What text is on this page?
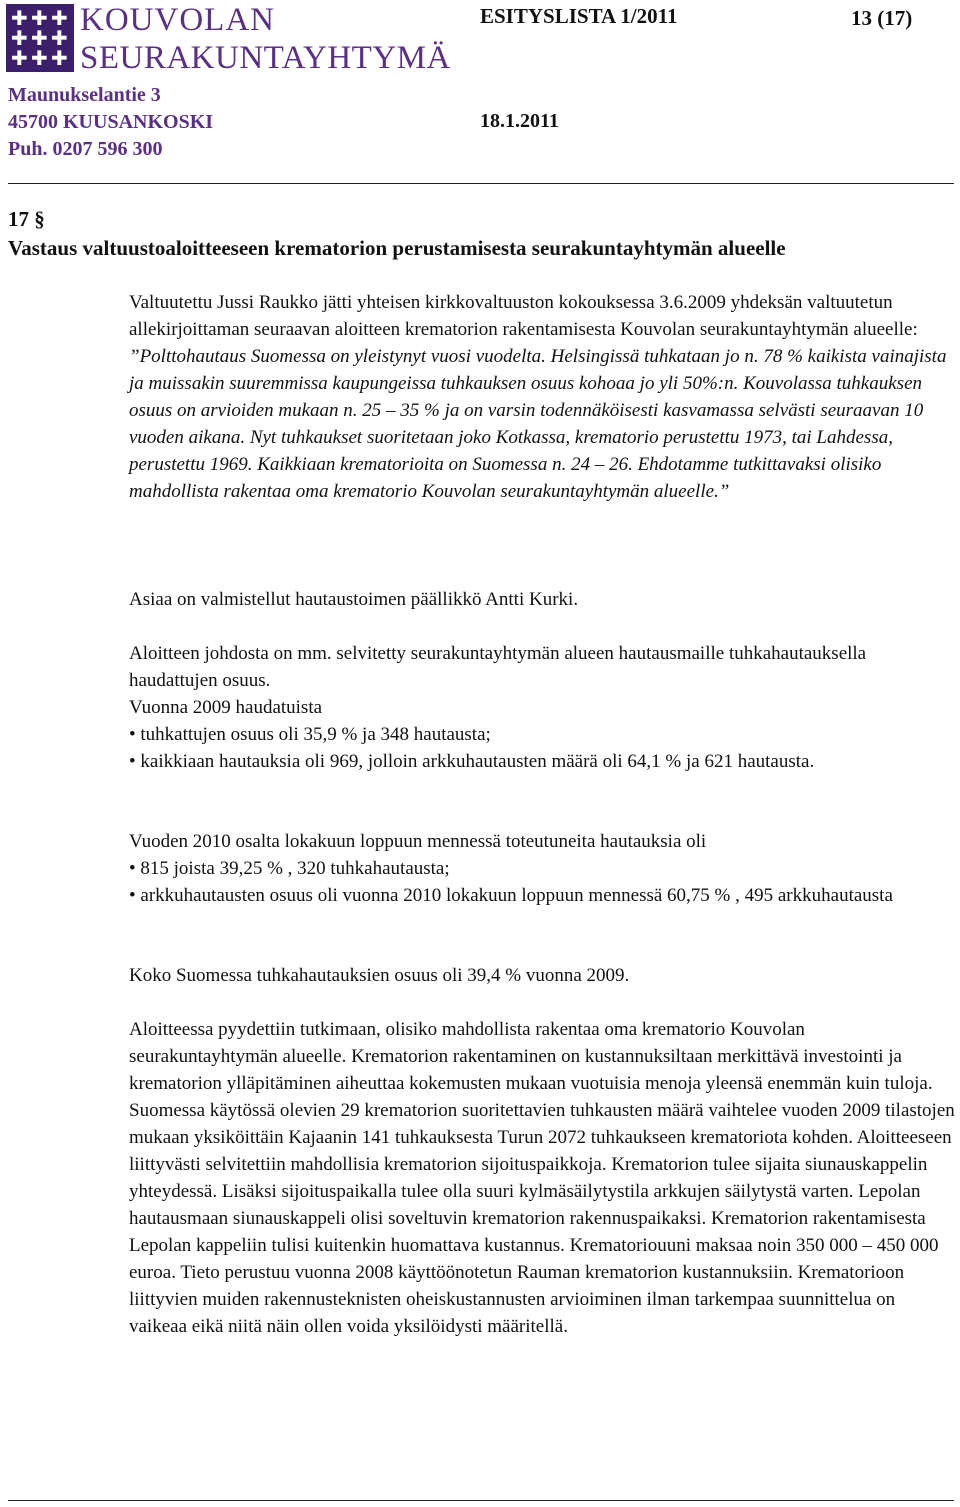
✚ ✚ ✚
✚ ✚ ✚
✚ ✚ ✚
KOUVOLAN
SEURAKUNTAYHTYMÄ
ESITYSLISTA 1/2011	13 (17)
Maunukselantie 3
45700 KUUSANKOSKI
Puh. 0207 596 300
18.1.2011
17 §
Vastaus valtuustoaloitteeseen krematorion perustamisesta seurakuntayhtymän alueelle

Valtuutettu Jussi Raukko jätti yhteisen kirkkovaltuuston kokouksessa 3.6.2009 yhdeksän valtuutetun allekirjoittaman seuraavan aloitteen krematorion rakentamisesta Kouvolan seurakuntayhtymän alueelle:

”Polttohautaus Suomessa on yleistynyt vuosi vuodelta. Helsingissä tuhkataan jo n. 78 % kaikista vainajista ja muissakin suuremmissa kaupungeissa tuhkauksen osuus kohoaa jo yli 50%:n. Kouvolassa tuhkauksen osuus on arvioiden mukaan n. 25 – 35 % ja on varsin todennäköisesti kasvamassa selvästi seuraavan 10 vuoden aikana. Nyt tuhkaukset suoritetaan joko Kotkassa, krematorio perustettu 1973, tai Lahdessa, perustettu 1969. Kaikkiaan krematorioita on Suomessa n. 24 – 26. Ehdotamme tutkittavaksi olisiko mahdollista rakentaa oma krematorio Kouvolan seurakuntayhtymän alueelle.”

Asiaa on valmistellut hautaustoimen päällikkö Antti Kurki.

Aloitteen johdosta on mm. selvitetty seurakuntayhtymän alueen hautausmaille tuhkahautauksella haudattujen osuus.

Vuonna 2009 haudatuista

• tuhkattujen osuus oli 35,9 % ja 348 hautausta;

• kaikkiaan hautauksia oli 969, jolloin arkkuhautausten määrä oli 64,1 % ja 621 hautausta.

Vuoden 2010 osalta lokakuun loppuun mennessä toteutuneita hautauksia oli

• 815 joista 39,25 % , 320 tuhkahautausta;

• arkkuhautausten osuus oli vuonna 2010 lokakuun loppuun mennessä 60,75 % , 495 arkkuhautausta

Koko Suomessa tuhkahautauksien osuus oli 39,4 % vuonna 2009.

Aloitteessa pyydettiin tutkimaan, olisiko mahdollista rakentaa oma krematorio Kouvolan seurakuntayhtymän alueelle. Krematorion rakentaminen on kustannuksiltaan merkittävä investointi ja krematorion ylläpitäminen aiheuttaa kokemusten mukaan vuotuisia menoja yleensä enemmän kuin tuloja. Suomessa käytössä olevien 29 krematorion suoritettavien tuhkausten määrä vaihtelee vuoden 2009 tilastojen mukaan yksiköittäin Kajaanin 141 tuhkauksesta Turun 2072 tuhkaukseen krematoriota kohden. Aloitteeseen liittyvästi selvitettiin mahdollisia krematorion sijoituspaikkoja. Krematorion tulee sijaita siunauskappelin yhteydessä. Lisäksi sijoituspaikalla tulee olla suuri kylmäsäilytystila arkkujen säilytystä varten. Lepolan hautausmaan siunauskappeli olisi soveltuvin krematorion rakennuspaikaksi. Krematorion rakentamisesta Lepolan kappeliin tulisi kuitenkin huomattava kustannus. Krematoriouuni maksaa noin 350 000 – 450 000 euroa. Tieto perustuu vuonna 2008 käyttöönotetun Rauman krematorion kustannuksiin. Krematorioon liittyvien muiden rakennusteknisten oheiskustannusten arvioiminen ilman tarkempaa suunnittelua on vaikeaa eikä niitä näin ollen voida yksilöidysti määritellä.
